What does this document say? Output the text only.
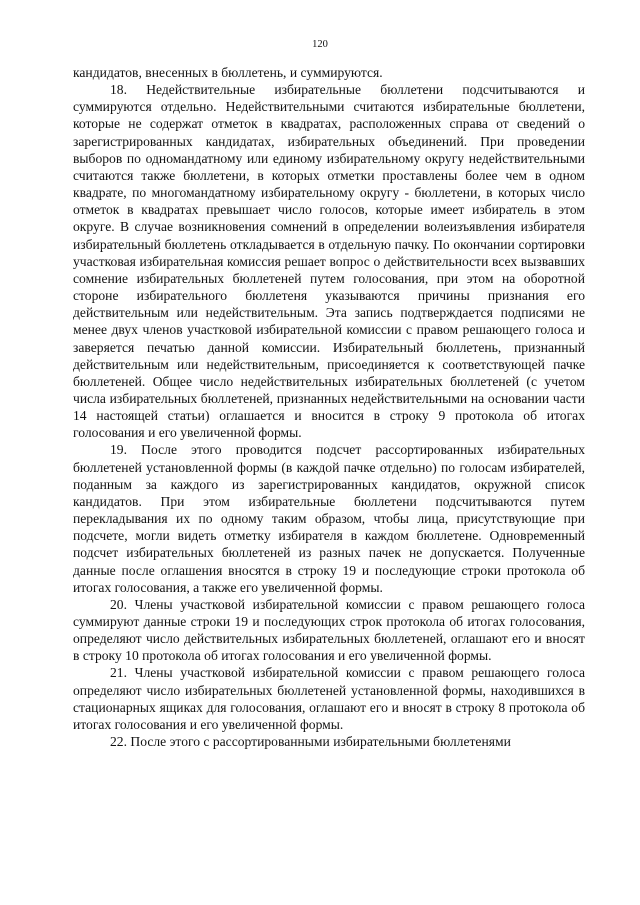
120

кандидатов, внесенных в бюллетень, и суммируются.

18. Недействительные избирательные бюллетени подсчитываются и суммируются отдельно. Недействительными считаются избирательные бюллетени, которые не содержат отметок в квадратах, расположенных справа от сведений о зарегистрированных кандидатах, избирательных объединений. При проведении выборов по одномандатному или единому избирательному округу недействительными считаются также бюллетени, в которых отметки проставлены более чем в одном квадрате, по многомандатному избирательному округу - бюллетени, в которых число отметок в квадратах превышает число голосов, которые имеет избиратель в этом округе. В случае возникновения сомнений в определении волеизъявления избирателя избирательный бюллетень откладывается в отдельную пачку. По окончании сортировки участковая избирательная комиссия решает вопрос о действительности всех вызвавших сомнение избирательных бюллетеней путем голосования, при этом на оборотной стороне избирательного бюллетеня указываются причины признания его действительным или недействительным. Эта запись подтверждается подписями не менее двух членов участковой избирательной комиссии с правом решающего голоса и заверяется печатью данной комиссии. Избирательный бюллетень, признанный действительным или недействительным, присоединяется к соответствующей пачке бюллетеней. Общее число недействительных избирательных бюллетеней (с учетом числа избирательных бюллетеней, признанных недействительными на основании части 14 настоящей статьи) оглашается и вносится в строку 9 протокола об итогах голосования и его увеличенной формы.

19. После этого проводится подсчет рассортированных избирательных бюллетеней установленной формы (в каждой пачке отдельно) по голосам избирателей, поданным за каждого из зарегистрированных кандидатов, окружной список кандидатов. При этом избирательные бюллетени подсчитываются путем перекладывания их по одному таким образом, чтобы лица, присутствующие при подсчете, могли видеть отметку избирателя в каждом бюллетене. Одновременный подсчет избирательных бюллетеней из разных пачек не допускается. Полученные данные после оглашения вносятся в строку 19 и последующие строки протокола об итогах голосования, а также его увеличенной формы.

20. Члены участковой избирательной комиссии с правом решающего голоса суммируют данные строки 19 и последующих строк протокола об итогах голосования, определяют число действительных избирательных бюллетеней, оглашают его и вносят в строку 10 протокола об итогах голосования и его увеличенной формы.

21. Члены участковой избирательной комиссии с правом решающего голоса определяют число избирательных бюллетеней установленной формы, находившихся в стационарных ящиках для голосования, оглашают его и вносят в строку 8 протокола об итогах голосования и его увеличенной формы.

22. После этого с рассортированными избирательными бюллетенями
